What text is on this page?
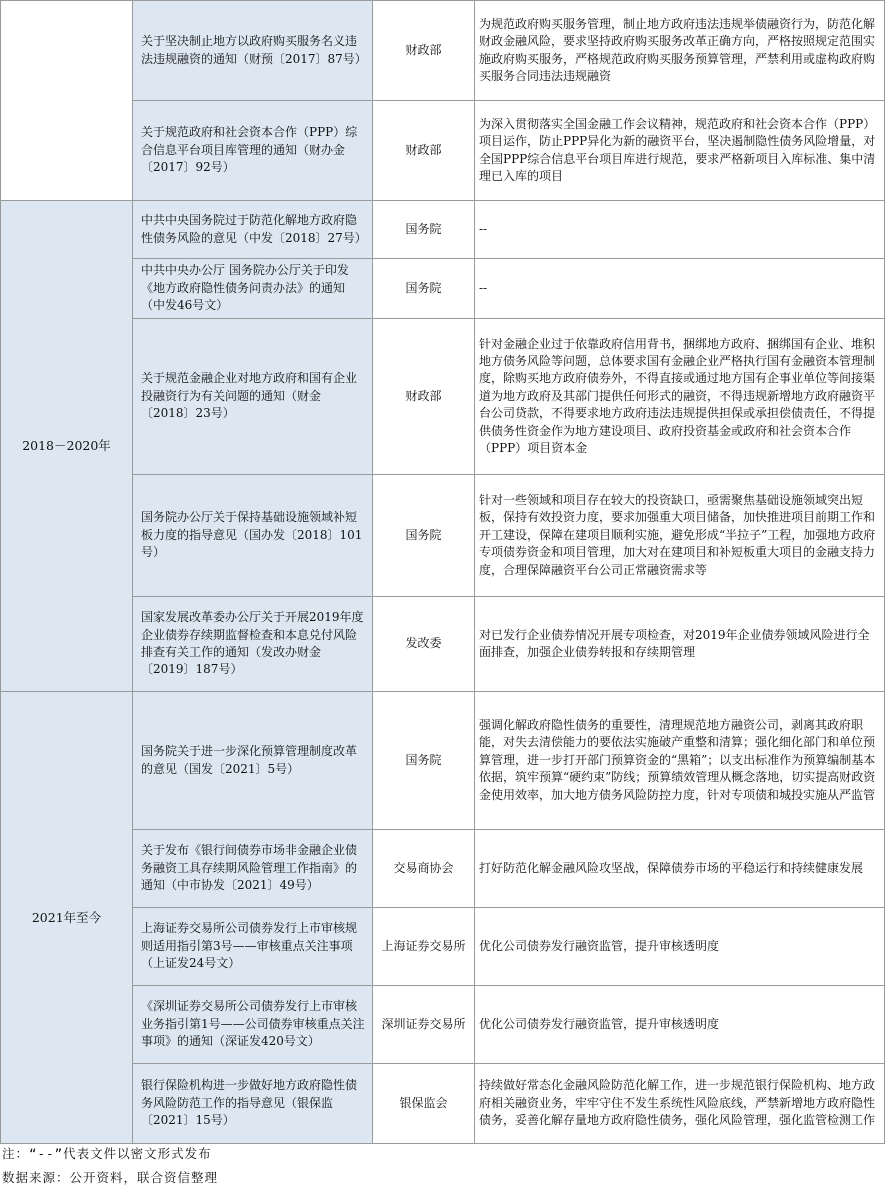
	关于坚决制止地方以政府购买服务名义违法违规融资的通知（财预〔2017〕87号）	财政部	为规范政府购买服务管理，制止地方政府违法违规举债融资行为，防范化解财政金融风险，要求坚持政府购买服务改革正确方向，严格按照规定范围实施政府购买服务，严格规范政府购买服务预算管理，严禁利用或虚构政府购买服务合同违法违规融资
	关于规范政府和社会资本合作（PPP）综合信息平台项目库管理的通知（财办金〔2017〕92号）	财政部	为深入贯彻落实全国金融工作会议精神，规范政府和社会资本合作（PPP）项目运作，防止PPP异化为新的融资平台，坚决遏制隐性债务风险增量，对全国PPP综合信息平台项目库进行规范，要求严格新项目入库标准、集中清理已入库的项目
2018－2020年	中共中央国务院过于防范化解地方政府隐性债务风险的意见（中发〔2018〕27号）	国务院	--
	中共中央办公厅 国务院办公厅关于印发《地方政府隐性债务问责办法》的通知（中发46号文）	国务院	--
	关于规范金融企业对地方政府和国有企业投融资行为有关问题的通知（财金〔2018〕23号）	财政部	针对金融企业过于依靠政府信用背书，捆绑地方政府、捆绑国有企业、堆积地方债务风险等问题，总体要求国有金融企业严格执行国有金融资本管理制度，除购买地方政府债券外，不得直接或通过地方国有企事业单位等间接渠道为地方政府及其部门提供任何形式的融资，不得违规新增地方政府融资平台公司贷款，不得要求地方政府违法违规提供担保或承担偿债责任，不得提供债务性资金作为地方建设项目、政府投资基金或政府和社会资本合作（PPP）项目资本金
	国务院办公厅关于保持基础设施领域补短板力度的指导意见（国办发〔2018〕101号）	国务院	针对一些领域和项目存在较大的投资缺口，亟需聚焦基础设施领域突出短板，保持有效投资力度，要求加强重大项目储备，加快推进项目前期工作和开工建设，保障在建项目顺利实施，避免形成“半拉子”工程，加强地方政府专项债券资金和项目管理，加大对在建项目和补短板重大项目的金融支持力度，合理保障融资平台公司正常融资需求等
	国家发展改革委办公厅关于开展2019年度企业债券存续期监督检查和本息兑付风险排查有关工作的通知（发改办财金〔2019〕187号）	发改委	对已发行企业债券情况开展专项检查，对2019年企业债券领域风险进行全面排查，加强企业债券转报和存续期管理
2021年至今	国务院关于进一步深化预算管理制度改革的意见（国发〔2021〕5号）	国务院	强调化解政府隐性债务的重要性，清理规范地方融资公司，剥离其政府职能，对失去清偿能力的要依法实施破产重整和清算；强化细化部门和单位预算管理，进一步打开部门预算资金的“黑箱”；以支出标准作为预算编制基本依据，筑牢预算“硬约束”防线；预算绩效管理从概念落地，切实提高财政资金使用效率，加大地方债务风险防控力度，针对专项债和城投实施从严监管
	关于发布《银行间债券市场非金融企业债务融资工具存续期风险管理工作指南》的通知（中市协发〔2021〕49号）	交易商协会	打好防范化解金融风险攻坚战，保障债券市场的平稳运行和持续健康发展
	上海证券交易所公司债券发行上市审核规则适用指引第3号——审核重点关注事项（上证发24号文）	上海证券交易所	优化公司债券发行融资监管，提升审核透明度
	《深圳证券交易所公司债券发行上市审核业务指引第1号——公司债券审核重点关注事项》的通知（深证发420号文）	深圳证券交易所	优化公司债券发行融资监管，提升审核透明度
	银行保险机构进一步做好地方政府隐性债务风险防范工作的指导意见（银保监〔2021〕15号）	银保监会	持续做好常态化金融风险防范化解工作，进一步规范银行保险机构、地方政府相关融资业务，牢牢守住不发生系统性风险底线，严禁新增地方政府隐性债务，妥善化解存量地方政府隐性债务，强化风险管理，强化监管检测工作
注：“--”代表文件以密文形式发布
数据来源：公开资料，联合资信整理
